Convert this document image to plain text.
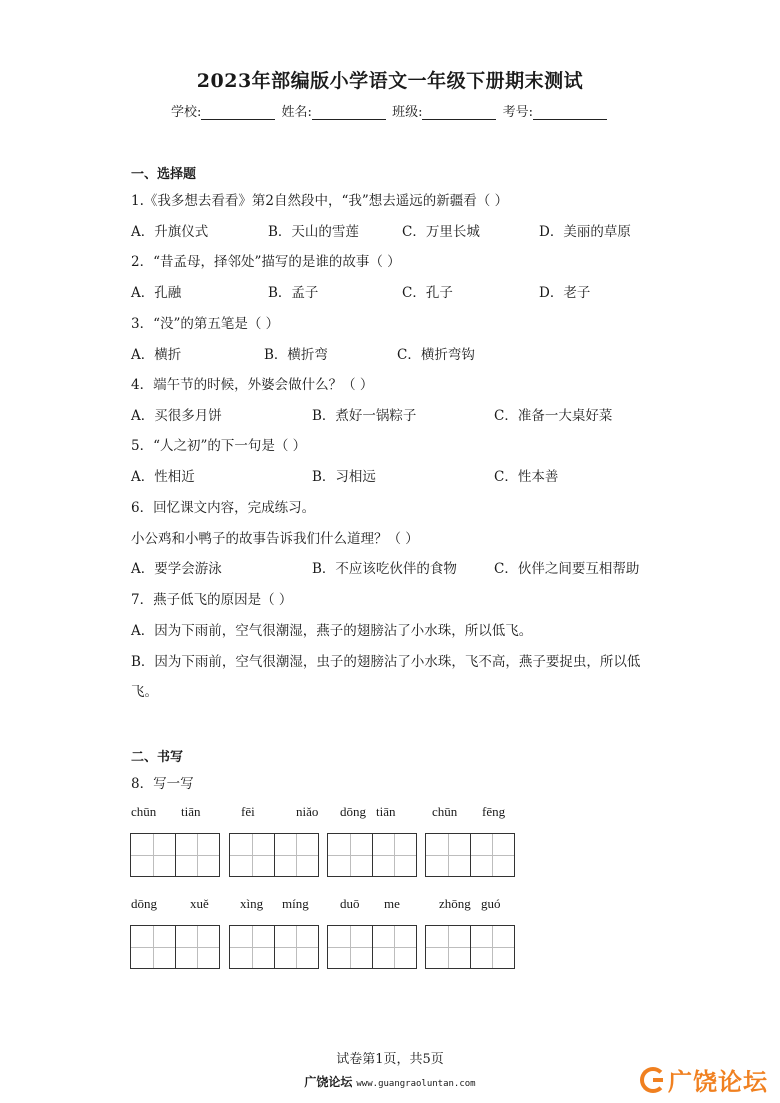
2023年部编版小学语文一年级下册期末测试
学校:	姓名:	班级:	考号:
一、选择题
1.《我多想去看看》第2自然段中，“我”想去遥远的新疆看（ ）
A．升旗仪式	B．天山的雪莲	C．万里长城	D．美丽的草原
2．“昔孟母，择邻处”描写的是谁的故事（ ）
A．孔融	B．孟子	C．孔子	D．老子
3．“没”的第五笔是（ ）
A．横折	B．横折弯	C．横折弯钩
4．端午节的时候，外婆会做什么？（ ）
A．买很多月饼	B．煮好一锅粽子	C．准备一大桌好菜
5．“人之初”的下一句是（ ）
A．性相近	B．习相远	C．性本善
6．回忆课文内容，完成练习。
小公鸡和小鸭子的故事告诉我们什么道理？（ ）
A．要学会游泳	B．不应该吃伙伴的食物	C．伙伴之间要互相帮助
7．燕子低飞的原因是（ ）
A．因为下雨前，空气很潮湿，燕子的翅膀沾了小水珠，所以低飞。
B．因为下雨前，空气很潮湿，虫子的翅膀沾了小水珠，飞不高，燕子要捉虫，所以低
飞。
二、书写
8．写一写
chūn tiān	fēi	niǎo dōng tiān	chūn fēng
dōng	xuě xìng míng duō me	zhōng guó
试卷第1页，共5页
广饶论坛 www.guangraoluntan.com	广饶论坛
